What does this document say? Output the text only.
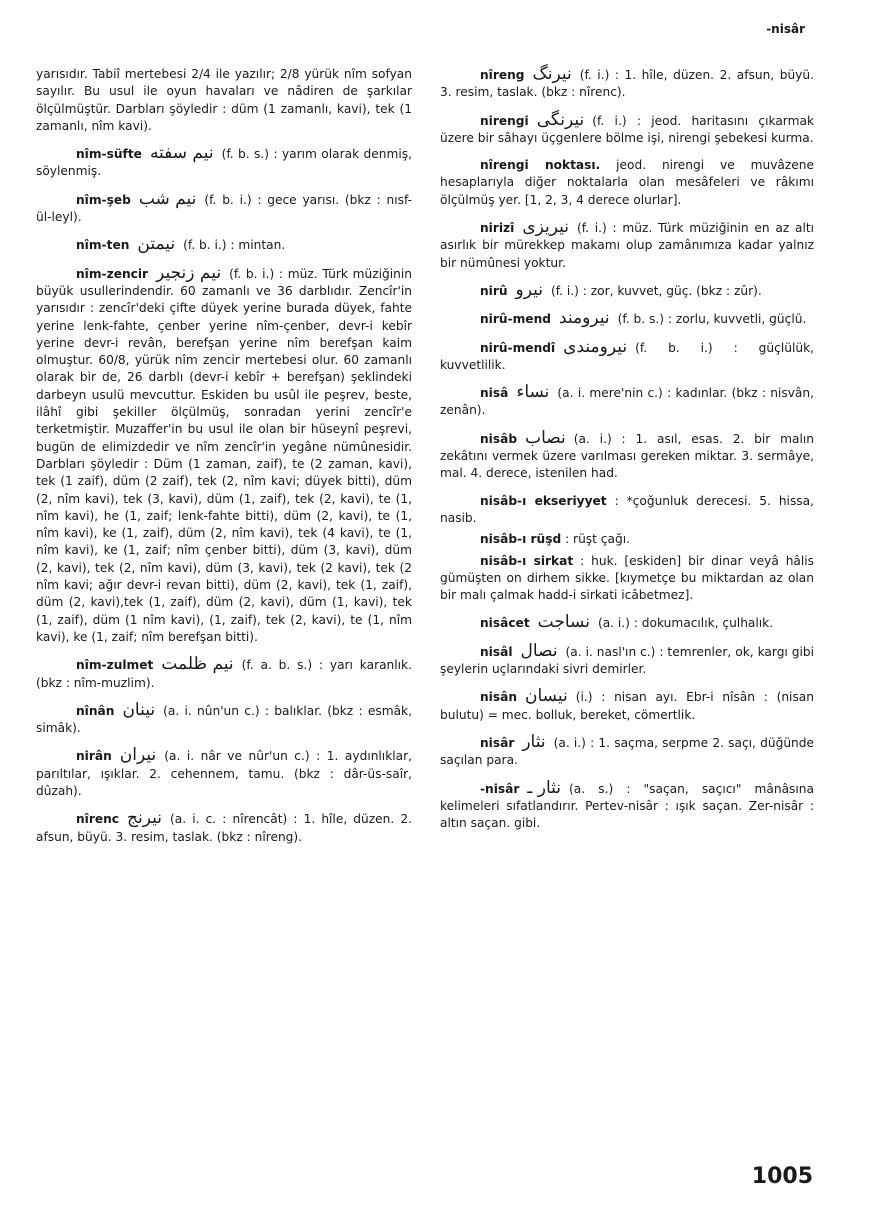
-nisâr

yarısıdır. Tabiî mertebesi 2/4 ile yazılır; 2/8 yürük nîm sofyan sayılır. Bu usul ile oyun havaları ve nâdiren de şarkılar ölçülmüştür. Darbları şöyledir : düm (1 zamanlı, kavi), tek (1 zamanlı, nîm kavi).

nîm-süfte نیم سفته (f. b. s.) : yarım olarak denmiş, söylenmiş.

nîm-şeb نیم شب (f. b. i.) : gece yarısı. (bkz : nısf-ül-leyl).

nîm-ten نیمتن (f. b. i.) : mintan.

nîm-zencir نیم زنجیر (f. b. i.) : müz. Türk müziğinin büyük usullerindendir. 60 zamanlı ve 36 darblıdır. Zencîr'in yarısıdır : zencîr'deki çifte düyek yerine burada düyek, fahte yerine lenk-fahte, çenber yerine nîm-çenber, devr-i kebîr yerine devr-i revân, berefşan yerine nîm berefşan kaim olmuştur. 60/8, yürük nîm zencir mertebesi olur. 60 zamanlı olarak bir de, 26 darblı (devr-i kebîr + berefşan) şeklindeki darbeyn usulü mevcuttur. Eskiden bu usûl ile peşrev, beste, ilâhî gibi şekiller ölçülmüş, sonradan yerini zencîr'e terketmiştir. Muzaffer'in bu usul ile olan bir hüseynî peşrevi, bugün de elimizdedir ve nîm zencîr'in yegâne nümûnesidir. Darbları şöyledir : Düm (1 zaman, zaif), te (2 zaman, kavi), tek (1 zaif), düm (2 zaif), tek (2, nîm kavi; düyek bitti), düm (2, nîm kavi), tek (3, kavi), düm (1, zaif), tek (2, kavi), te (1, nîm kavi), he (1, zaif; lenk-fahte bitti), düm (2, kavi), te (1, nîm kavi), ke (1, zaif), düm (2, nîm kavi), tek (4 kavi), te (1, nîm kavi), ke (1, zaif; nîm çenber bitti), düm (3, kavi), düm (2, kavi), tek (2, nîm kavi), düm (3, kavi), tek (2 kavi), tek (2 nîm kavi; ağır devr-i revan bitti), düm (2, kavi), tek (1, zaif), düm (2, kavi),tek (1, zaif), düm (2, kavi), düm (1, kavi), tek (1, zaif), düm (1 nîm kavi), (1, zaif), tek (2, kavi), te (1, nîm kavi), ke (1, zaif; nîm berefşan bitti).

nîm-zulmet نیم ظلمت (f. a. b. s.) : yarı karanlık. (bkz : nîm-muzlim).

nînân نینان (a. i. nûn'un c.) : balıklar. (bkz : esmâk, simâk).

nirân نیران (a. i. nâr ve nûr'un c.) : 1. aydınlıklar, parıltılar, ışıklar. 2. cehennem, tamu. (bkz : dâr-üs-saîr, dûzah).

nîrenc نیرنج (a. i. c. : nîrencât) : 1. hîle, düzen. 2. afsun, büyü. 3. resim, taslak. (bkz : nîreng).

nîreng نیرنگ (f. i.) : 1. hîle, düzen. 2. afsun, büyü. 3. resim, taslak. (bkz : nîrenc).

nirengi نیرنگی (f. i.) : jeod. haritasını çıkarmak üzere bir sâhayı üçgenlere bölme işi, nirengi şebekesi kurma.

nîrengi noktası. jeod. nirengi ve muvâzene hesaplarıyla diğer noktalarla olan mesâfeleri ve râkımı ölçülmüş yer. [1, 2, 3, 4 derece olurlar].

nirizî نیریزی (f. i.) : müz. Türk müziğinin en az altı asırlık bir mürekkep makamı olup zamânımıza kadar yalnız bir nümûnesi yoktur.

nirû نیرو (f. i.) : zor, kuvvet, güç. (bkz : zûr).

nirû-mend نیرومند (f. b. s.) : zorlu, kuvvetli, güçlü.

nirû-mendî نیرومندی (f. b. i.) : güçlülük, kuvvetlilik.

nisâ نساء (a. i. mere'nin c.) : kadınlar. (bkz : nisvân, zenân).

nisâb نصاب (a. i.) : 1. asıl, esas. 2. bir malın zekâtını vermek üzere varılması gereken miktar. 3. sermâye, mal. 4. derece, istenilen had.

nisâb-ı ekseriyyet : *çoğunluk derecesi. 5. hissa, nasib.

nisâb-ı rüşd : rüşt çağı.

nisâb-ı sirkat : huk. [eskiden] bir dinar veyâ hâlis gümüşten on dirhem sikke. [kıymetçe bu miktardan az olan bir malı çalmak hadd-i sirkati icâbetmez].

nisâcet نساجت (a. i.) : dokumacılık, çulhalık.

nisâl نصال (a. i. nasl'ın c.) : temrenler, ok, kargı gibi şeylerin uçlarındaki sivri demirler.

nisân نیسان (i.) : nisan ayı. Ebr-i nîsân : (nisan bulutu) = mec. bolluk, bereket, cömertlik.

nisâr نثار (a. i.) : 1. saçma, serpme 2. saçı, düğünde saçılan para.

-nisâr نثار ـ (a. s.) : "saçan, saçıcı" mânâsına kelimeleri sıfatlandırır. Pertev-nisâr : ışık saçan. Zer-nisâr : altın saçan. gibi.

1005
